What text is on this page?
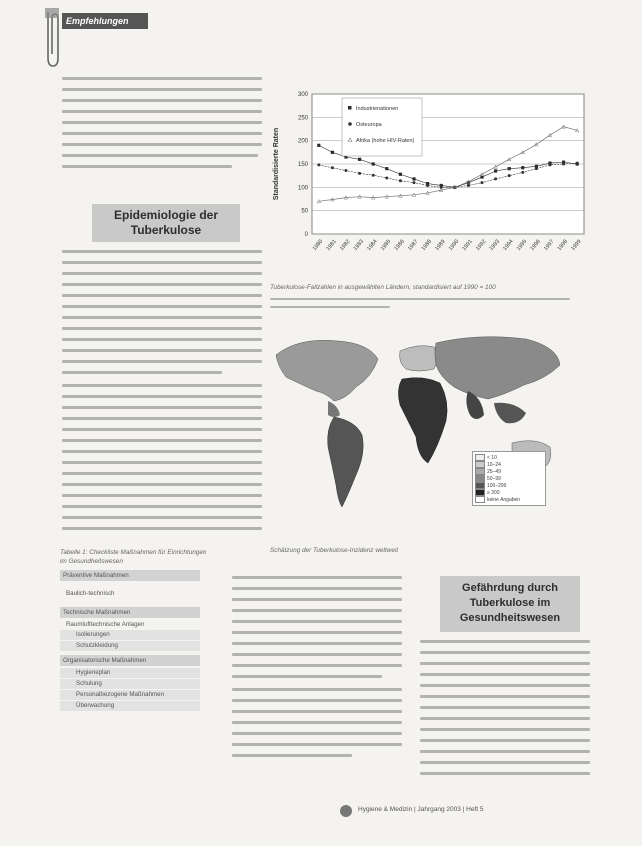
Empfehlungen
Epidemiologie der
Tuberkulose	0
50
100
150
200
250
300
1980 1981 1982 1983 1984 1985 1986 1987 1988 1989 1990 1991 1992 1993 1994 1995 1996 1997 1998 1999
Standardisierte Raten
Industrienationen
Osteuropa
Afrika (hohe HIV-Raten)
Tuberkulose-Fallzahlen in ausgewählten Ländern, standardisiert auf 1990 = 100
< 10
10–24
25–49
50–99
100–299
≥ 300
keine Angaben
Schätzung der Tuberkulose-Inzidenz weltweit
Tabelle 1: Checkliste Maßnahmen für Einrichtungen im Gesundheitswesen
Präventive Maßnahmen
Baulich-technisch
Technische Maßnahmen
Raumlufttechnische Anlagen
Isolierungen
Schutzkleidung
Organisatorische Maßnahmen
Hygieneplan
Schulung
Personalbezogene Maßnahmen
Überwachung
Gefährdung durch
Tuberkulose im
Gesundheitswesen
Hygiene & Medizin | Jahrgang 2003 | Heft 5
